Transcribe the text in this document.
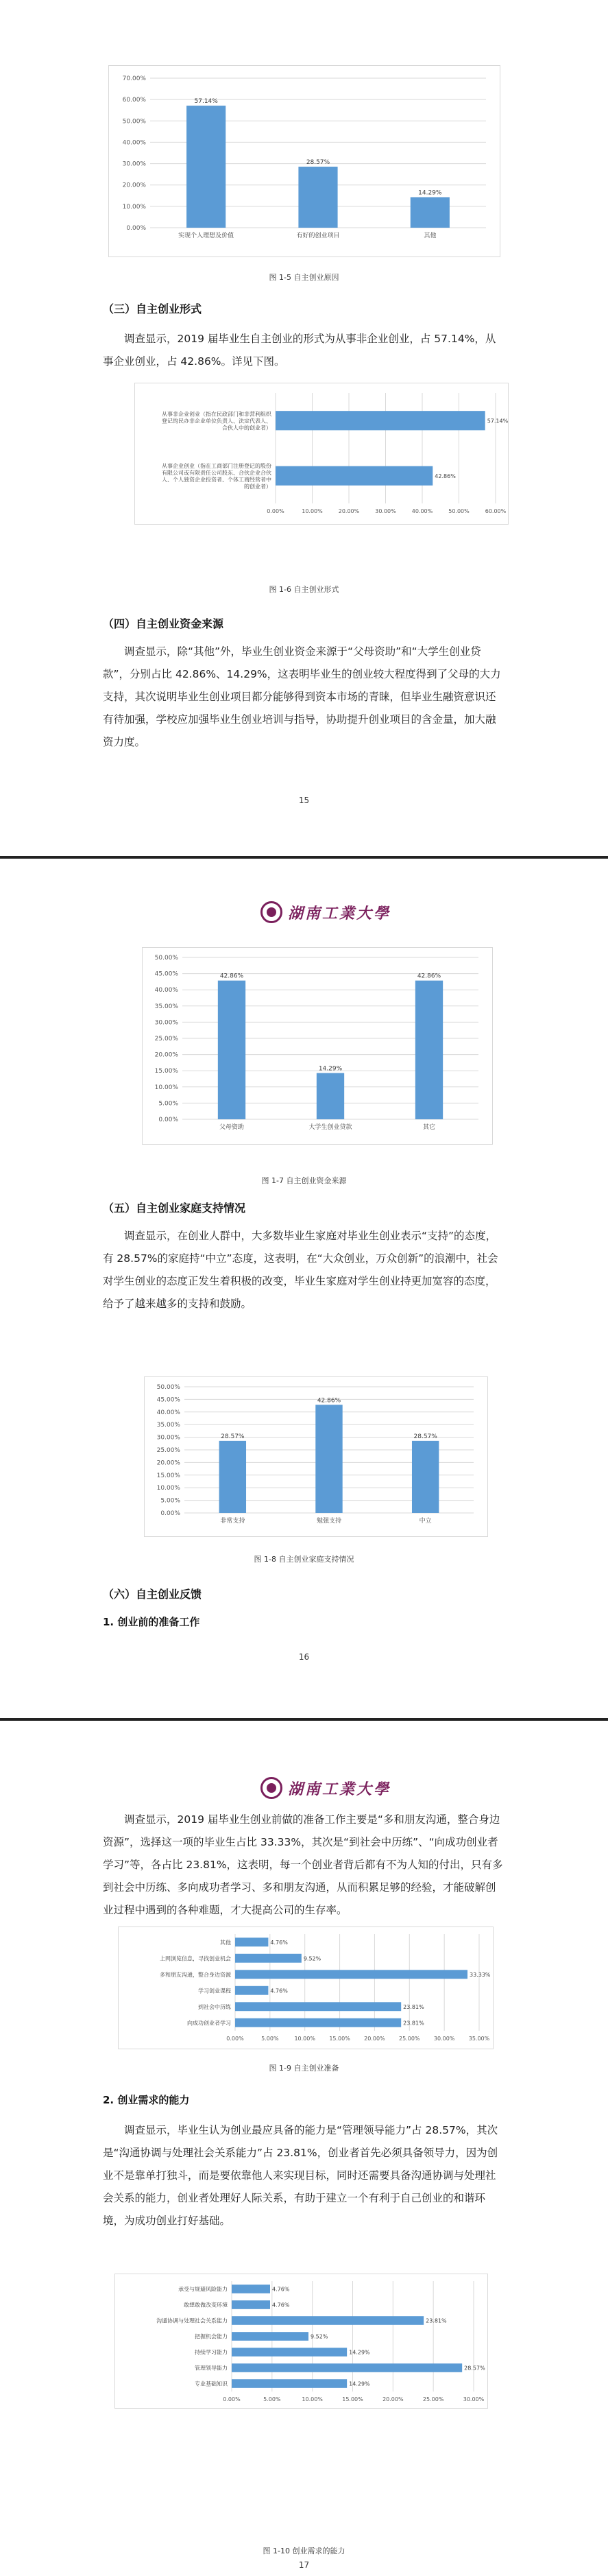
0.00%
10.00%
20.00%
30.00%
40.00%
50.00%
60.00%
70.00%
57.14%
实现个人理想及价值
28.57%
有好的创业项目
14.29%
其他
图 1-5 自主创业原因
（三）自主创业形式
调查显示，2019 届毕业生自主创业的形式为从事非企业创业，占 57.14%，从事企业创业，占 42.86%。详见下图。
0.00%	10.00%	20.00%	30.00%	40.00%	50.00%	60.00%
42.86%
从事企业创业（指在工商部门注册登记的股份有限公司或有限责任公司股东、合伙企业合伙人、个人独资企业投资者、个体工商经营者中的创业者）
57.14%
从事非企业创业（指在民政部门和非营利组织登记的民办非企业单位负责人、法定代表人、合伙人中的创业者）
图 1-6 自主创业形式
（四）自主创业资金来源
调查显示，除“其他”外，毕业生创业资金来源于“父母资助”和“大学生创业贷款”，分别占比 42.86%、14.29%，这表明毕业生的创业较大程度得到了父母的大力支持，其次说明毕业生创业项目都分能够得到资本市场的青睐，但毕业生融资意识还有待加强，学校应加强毕业生创业培训与指导，协助提升创业项目的含金量，加大融资力度。
15
湖南工業大學
0.00%
5.00%
10.00%
15.00%
20.00%
25.00%
30.00%
35.00%
40.00%
45.00%
50.00%
42.86%
父母资助
14.29%
大学生创业贷款
42.86%
其它
图 1-7 自主创业资金来源
（五）自主创业家庭支持情况
调查显示，在创业人群中，大多数毕业生家庭对毕业生创业表示“支持”的态度，有 28.57%的家庭持“中立”态度，这表明，在“大众创业，万众创新”的浪潮中，社会对学生创业的态度正发生着积极的改变，毕业生家庭对学生创业持更加宽容的态度，给予了越来越多的支持和鼓励。
0.00%
5.00%
10.00%
15.00%
20.00%
25.00%
30.00%
35.00%
40.00%
45.00%
50.00%
28.57%
非常支持
42.86%
勉强支持
28.57%
中立
图 1-8 自主创业家庭支持情况
（六）自主创业反馈
1. 创业前的准备工作
16
湖南工業大學
调查显示，2019 届毕业生创业前做的准备工作主要是“多和朋友沟通，整合身边资源”，选择这一项的毕业生占比 33.33%，其次是“到社会中历练”、“向成功创业者学习”等，各占比 23.81%，这表明，每一个创业者背后都有不为人知的付出，只有多到社会中历练、多向成功者学习、多和朋友沟通，从而积累足够的经验，才能破解创业过程中遇到的各种难题，才大提高公司的生存率。
0.00%	5.00%	10.00%	15.00%	20.00%	25.00%	30.00%	35.00%
23.81%
向成功创业者学习
23.81%
到社会中历练
4.76%
学习创业课程
33.33%
多和朋友沟通，整合身边资源
9.52%
上网浏览信息，寻找创业机会
4.76%
其他
图 1-9 自主创业准备
2. 创业需求的能力
调查显示，毕业生认为创业最应具备的能力是“管理领导能力”占 28.57%，其次是“沟通协调与处理社会关系能力”占 23.81%，创业者首先必须具备领导力，因为创业不是靠单打独斗，而是要依靠他人来实现目标，同时还需要具备沟通协调与处理社会关系的能力，创业者处理好人际关系，有助于建立一个有利于自己创业的和谐环境，为成功创业打好基础。
0.00%	5.00%	10.00%	15.00%	20.00%	25.00%	30.00%
14.29%
专业基础知识
28.57%
管理领导能力
14.29%
持续学习能力
9.52%
把握机会能力
23.81%
沟通协调与处理社会关系能力
4.76%
敢想敢做改变环境
4.76%
承受与规避风险能力
图 1-10 创业需求的能力
17
